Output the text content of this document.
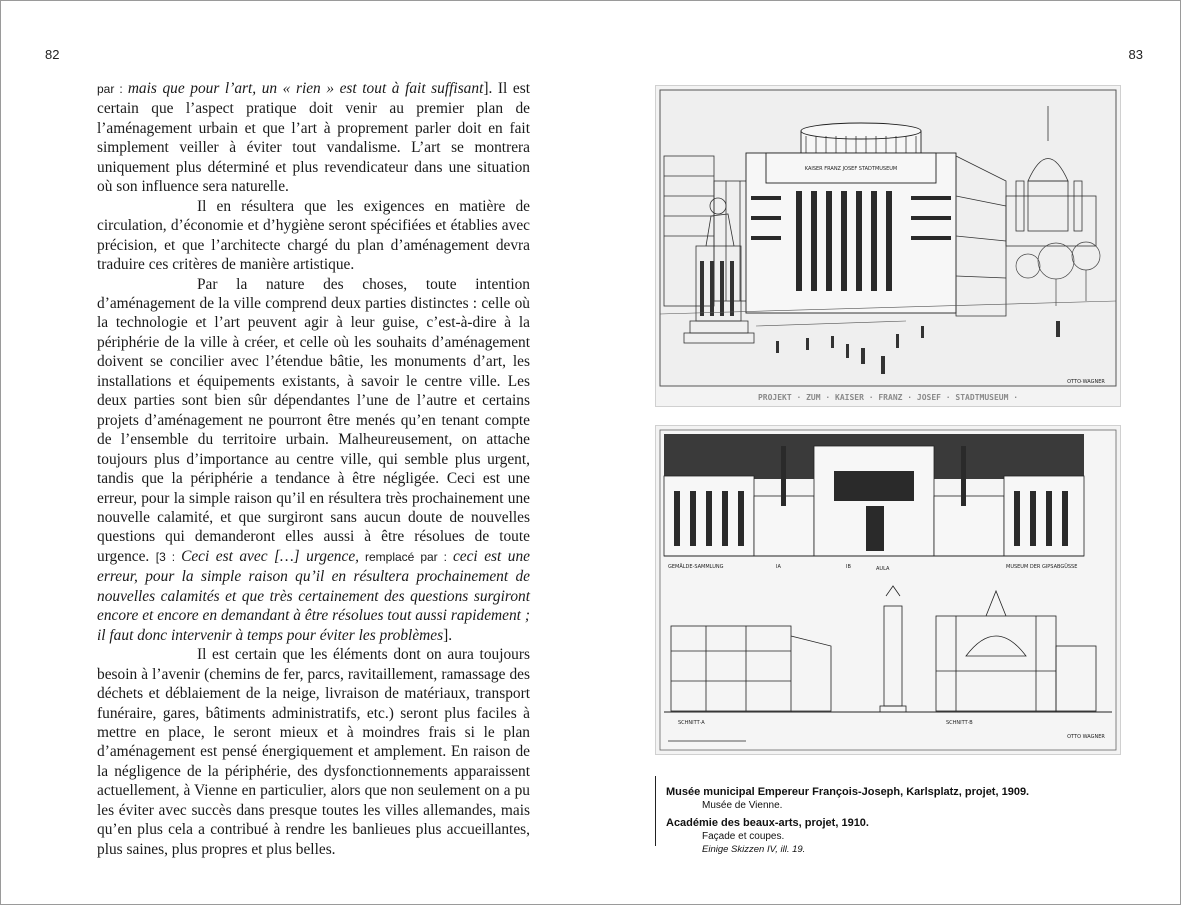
82	83

par : mais que pour l’art, un « rien » est tout à fait suffisant]. Il est certain que l’aspect pratique doit venir au premier plan de l’aménagement urbain et que l’art à proprement parler doit en fait simplement veiller à éviter tout vandalisme. L’art se montrera uniquement plus déterminé et plus revendicateur dans une situation où son influence sera naturelle.

Il en résultera que les exigences en matière de circulation, d’économie et d’hygiène seront spécifiées et établies avec précision, et que l’architecte chargé du plan d’aménagement devra traduire ces critères de manière artistique.

Par la nature des choses, toute intention d’aménagement de la ville comprend deux parties distinctes : celle où la technologie et l’art peuvent agir à leur guise, c’est-à-dire à la périphérie de la ville à créer, et celle où les souhaits d’aménagement doivent se concilier avec l’étendue bâtie, les monuments d’art, les installations et équipements existants, à savoir le centre ville. Les deux parties sont bien sûr dépendantes l’une de l’autre et certains projets d’aménagement ne pourront être menés qu’en tenant compte de l’ensemble du territoire urbain. Malheureusement, on attache toujours plus d’importance au centre ville, qui semble plus urgent, tandis que la périphérie a tendance à être négligée. Ceci est une erreur, pour la simple raison qu’il en résultera très prochainement une nouvelle calamité, et que surgiront sans aucun doute de nouvelles questions qui demanderont elles aussi à être résolues de toute urgence. [3 : Ceci est avec […] urgence, remplacé par : ceci est une erreur, pour la simple raison qu’il en résultera prochainement de nouvelles calamités et que très certainement des questions surgiront encore et encore en demandant à être résolues tout aussi rapidement ; il faut donc intervenir à temps pour éviter les problèmes].

Il est certain que les éléments dont on aura toujours besoin à l’avenir (chemins de fer, parcs, ravitaillement, ramassage des déchets et déblaiement de la neige, livraison de matériaux, transport funéraire, gares, bâtiments administratifs, etc.) seront plus faciles à mettre en place, le seront mieux et à moindres frais si le plan d’aménagement est pensé énergiquement et amplement. En raison de la négligence de la périphérie, des dysfonctionnements apparaissent actuellement, à Vienne en particulier, alors que non seulement on a pu les éviter avec succès dans presque toutes les villes allemandes, mais qu’en plus cela a contribué à rendre les banlieues plus accueillantes, plus saines, plus propres et plus belles.

KAISER FRANZ JOSEF STADTMUSEUM
OTTO·WAGNER
PROJEKT · ZUM · KAISER · FRANZ · JOSEF · STADTMUSEUM ·
GEMÄLDE-SAMMLUNG	IA	IB	AULA	MUSEUM DER GIPSABGÜSSE
SCHNITT·A	SCHNITT·B
OTTO WAGNER
Musée municipal Empereur François-Joseph, Karlsplatz, projet, 1909.
Musée de Vienne.
Académie des beaux-arts, projet, 1910.
Façade et coupes.
Einige Skizzen IV, ill. 19.
